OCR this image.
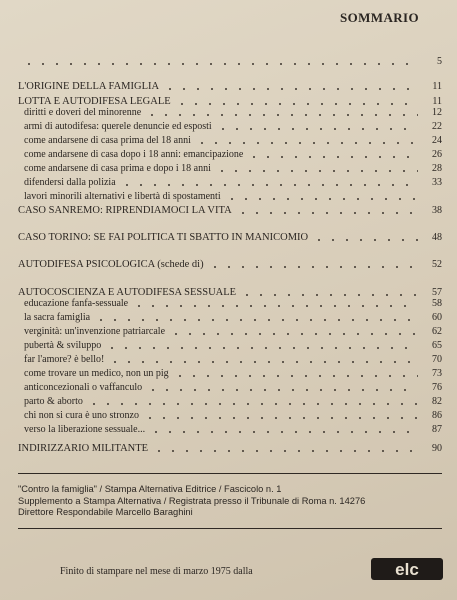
SOMMARIO
5
L'ORIGINE DELLA FAMIGLIA	11
LOTTA E AUTODIFESA LEGALE	11
diritti e doveri del minorenne	12
armi di autodifesa: querele denuncie ed esposti	22
come andarsene di casa prima del 18 anni	24
come andarsene di casa dopo i 18 anni: emancipazione	26
come andarsene di casa prima e dopo i 18 anni	28
difendersi dalla polizia	33
lavori minorili alternativi e libertà di spostamenti
CASO SANREMO: RIPRENDIAMOCI LA VITA	38
CASO TORINO: SE FAI POLITICA TI SBATTO IN MANICOMIO	48
AUTODIFESA PSICOLOGICA (schede di)	52
AUTOCOSCIENZA E AUTODIFESA SESSUALE	57
educazione fanfa-sessuale	58
la sacra famiglia	60
verginità: un'invenzione patriarcale	62
pubertà & sviluppo	65
far l'amore? è bello!	70
come trovare un medico, non un pig	73
anticoncezionali o vaffanculo	76
parto & aborto	82
chi non si cura è uno stronzo	86
verso la liberazione sessuale...	87
INDIRIZZARIO MILITANTE	90
"Contro la famiglia" / Stampa Alternativa Editrice / Fascicolo n. 1
Supplemento a Stampa Alternativa / Registrata presso il Tribunale di Roma n. 14276
Direttore Respondabile Marcello Baraghini
Finito di stampare nel mese di marzo 1975 dalla	elc
